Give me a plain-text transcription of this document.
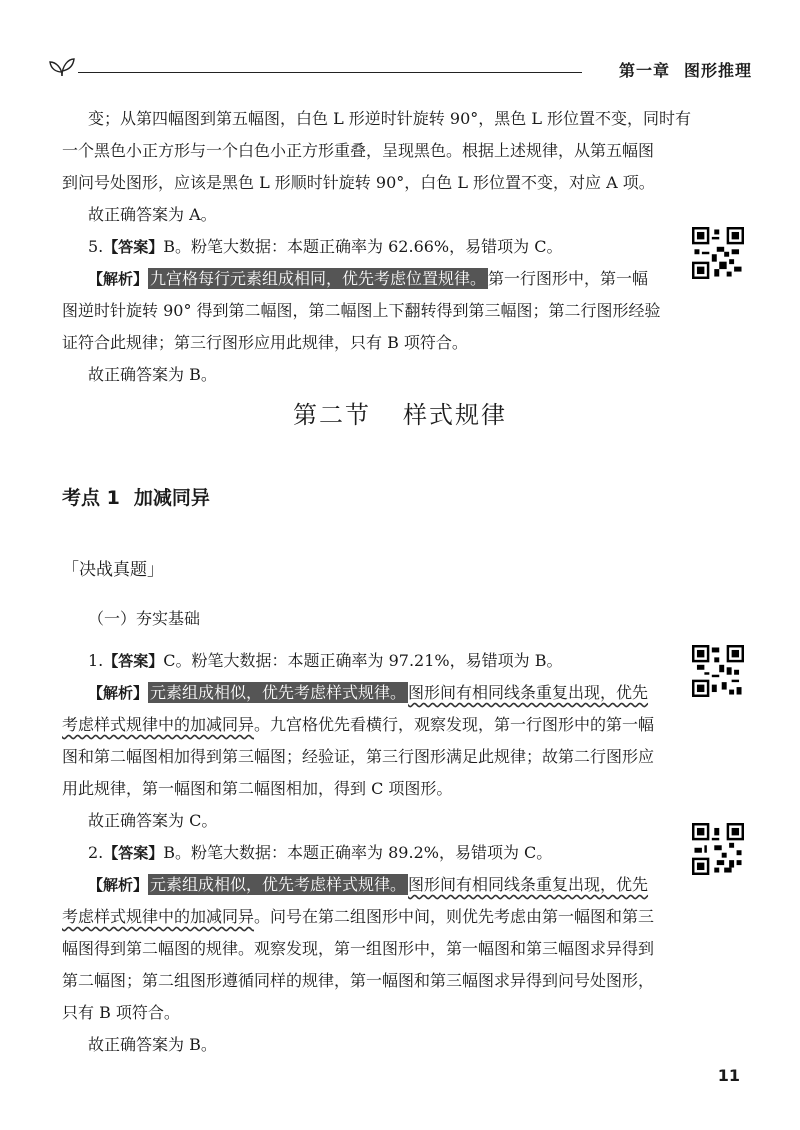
第一章 图形推理
变；从第四幅图到第五幅图，白色 L 形逆时针旋转 90°，黑色 L 形位置不变，同时有
一个黑色小正方形与一个白色小正方形重叠，呈现黑色。根据上述规律，从第五幅图
到问号处图形，应该是黑色 L 形顺时针旋转 90°，白色 L 形位置不变，对应 A 项。
故正确答案为 A。
5.【答案】B。粉笔大数据：本题正确率为 62.66%，易错项为 C。
【解析】 九宫格每行元素组成相同，优先考虑位置规律。 第一行图形中，第一幅
图逆时针旋转 90° 得到第二幅图，第二幅图上下翻转得到第三幅图；第二行图形经验
证符合此规律；第三行图形应用此规律，只有 B 项符合。
故正确答案为 B。
第二节 样式规律
考点 1 加减同异
「决战真题」
（一）夯实基础
1.【答案】C。粉笔大数据：本题正确率为 97.21%，易错项为 B。
【解析】 元素组成相似，优先考虑样式规律。 图形间有相同线条重复出现，优先
考虑样式规律中的加减同异。九宫格优先看横行，观察发现，第一行图形中的第一幅
图和第二幅图相加得到第三幅图；经验证，第三行图形满足此规律；故第二行图形应
用此规律，第一幅图和第二幅图相加，得到 C 项图形。
故正确答案为 C。
2.【答案】B。粉笔大数据：本题正确率为 89.2%，易错项为 C。
【解析】 元素组成相似，优先考虑样式规律。 图形间有相同线条重复出现，优先
考虑样式规律中的加减同异。问号在第二组图形中间，则优先考虑由第一幅图和第三
幅图得到第二幅图的规律。观察发现，第一组图形中，第一幅图和第三幅图求异得到
第二幅图；第二组图形遵循同样的规律，第一幅图和第三幅图求异得到问号处图形，
只有 B 项符合。
故正确答案为 B。
11
